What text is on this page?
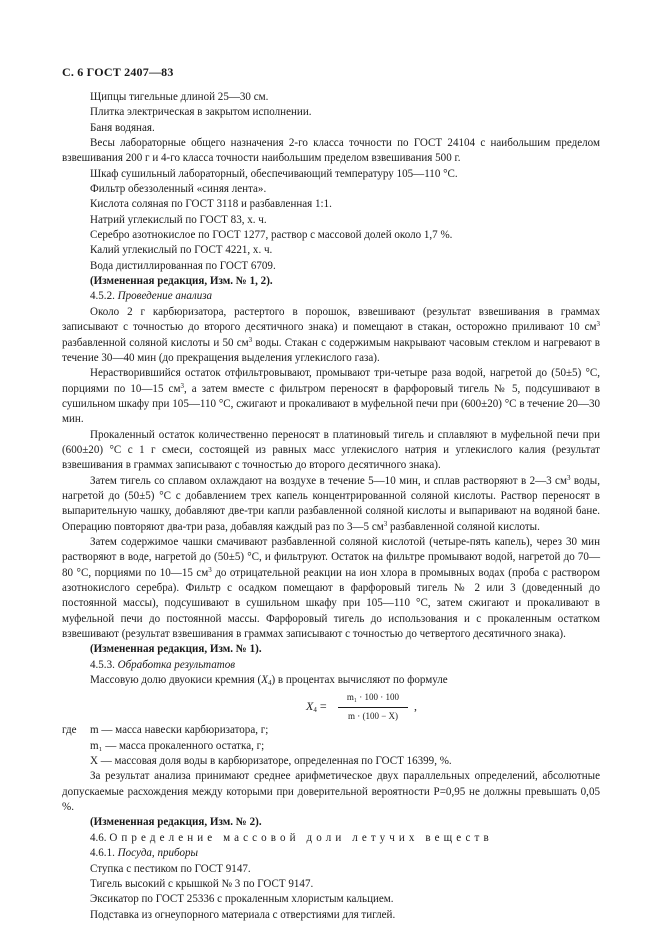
С. 6 ГОСТ 2407—83

Щипцы тигельные длиной 25—30 см.

Плитка электрическая в закрытом исполнении.

Баня водяная.

Весы лабораторные общего назначения 2-го класса точности по ГОСТ 24104 с наибольшим пределом взвешивания 200 г и 4-го класса точности наибольшим пределом взвешивания 500 г.

Шкаф сушильный лабораторный, обеспечивающий температуру 105—110 °С.

Фильтр обеззоленный «синяя лента».

Кислота соляная по ГОСТ 3118 и разбавленная 1:1.

Натрий углекислый по ГОСТ 83, х. ч.

Серебро азотнокислое по ГОСТ 1277, раствор с массовой долей около 1,7 %.

Калий углекислый по ГОСТ 4221, х. ч.

Вода дистиллированная по ГОСТ 6709.

(Измененная редакция, Изм. № 1, 2).

4.5.2. Проведение анализа

Около 2 г карбюризатора, растертого в порошок, взвешивают (результат взвешивания в граммах записывают с точностью до второго десятичного знака) и помещают в стакан, осторожно приливают 10 $см^3$ разбавленной соляной кислоты и 50 $см^3$ воды. Стакан с содержимым накрывают часовым стеклом и нагревают в течение 30—40 мин (до прекращения выделения углекислого газа).

Нерастворившийся остаток отфильтровывают, промывают три-четыре раза водой, нагретой до (50±5) °С, порциями по 10—15 $см^3$, а затем вместе с фильтром переносят в фарфоровый тигель № 5, подсушивают в сушильном шкафу при 105—110 °С, сжигают и прокаливают в муфельной печи при (600±20) °С в течение 20—30 мин.

Прокаленный остаток количественно переносят в платиновый тигель и сплавляют в муфельной печи при (600±20) °С с 1 г смеси, состоящей из равных масс углекислого натрия и углекислого калия (результат взвешивания в граммах записывают с точностью до второго десятичного знака).

Затем тигель со сплавом охлаждают на воздухе в течение 5—10 мин, и сплав растворяют в 2—3 $см^3$ воды, нагретой до (50±5) °С с добавлением трех капель концентрированной соляной кислоты. Раствор переносят в выпарительную чашку, добавляют две-три капли разбавленной соляной кислоты и выпаривают на водяной бане. Операцию повторяют два-три раза, добавляя каждый раз по 3—5 $см^3$ разбавленной соляной кислоты.

Затем содержимое чашки смачивают разбавленной соляной кислотой (четыре-пять капель), через 30 мин растворяют в воде, нагретой до (50±5) °С, и фильтруют. Остаток на фильтре промывают водой, нагретой до 70—80 °С, порциями по 10—15 $см^3$ до отрицательной реакции на ион хлора в промывных водах (проба с раствором азотнокислого серебра). Фильтр с осадком помещают в фарфоровый тигель № 2 или 3 (доведенный до постоянной массы), подсушивают в сушильном шкафу при 105—110 °С, затем сжигают и прокаливают в муфельной печи до постоянной массы. Фарфоровый тигель до использования и с прокаленным остатком взвешивают (результат взвешивания в граммах записывают с точностью до четвертого десятичного знака).

(Измененная редакция, Изм. № 1).

4.5.3. Обработка результатов

Массовую долю двуокиси кремния $(X_4)$ в процентах вычисляют по формуле

$X_4 = \frac{\text{m₁ · 100 · 100}}{m \cdot (100 - X)}$ ,
где m — масса навески карбюризатора, г;

m₁ — масса прокаленного остатка, г;

X — массовая доля воды в карбюризаторе, определенная по ГОСТ 16399, %.

За результат анализа принимают среднее арифметическое двух параллельных определений, абсолютные допускаемые расхождения между которыми при доверительной вероятности P=0,95 не должны превышать 0,05 %.

(Измененная редакция, Изм. № 2).

4.6. Определение массовой доли летучих веществ

4.6.1. Посуда, приборы

Ступка с пестиком по ГОСТ 9147.

Тигель высокий с крышкой № 3 по ГОСТ 9147.

Эксикатор по ГОСТ 25336 с прокаленным хлористым кальцием.

Подставка из огнеупорного материала с отверстиями для тиглей.
